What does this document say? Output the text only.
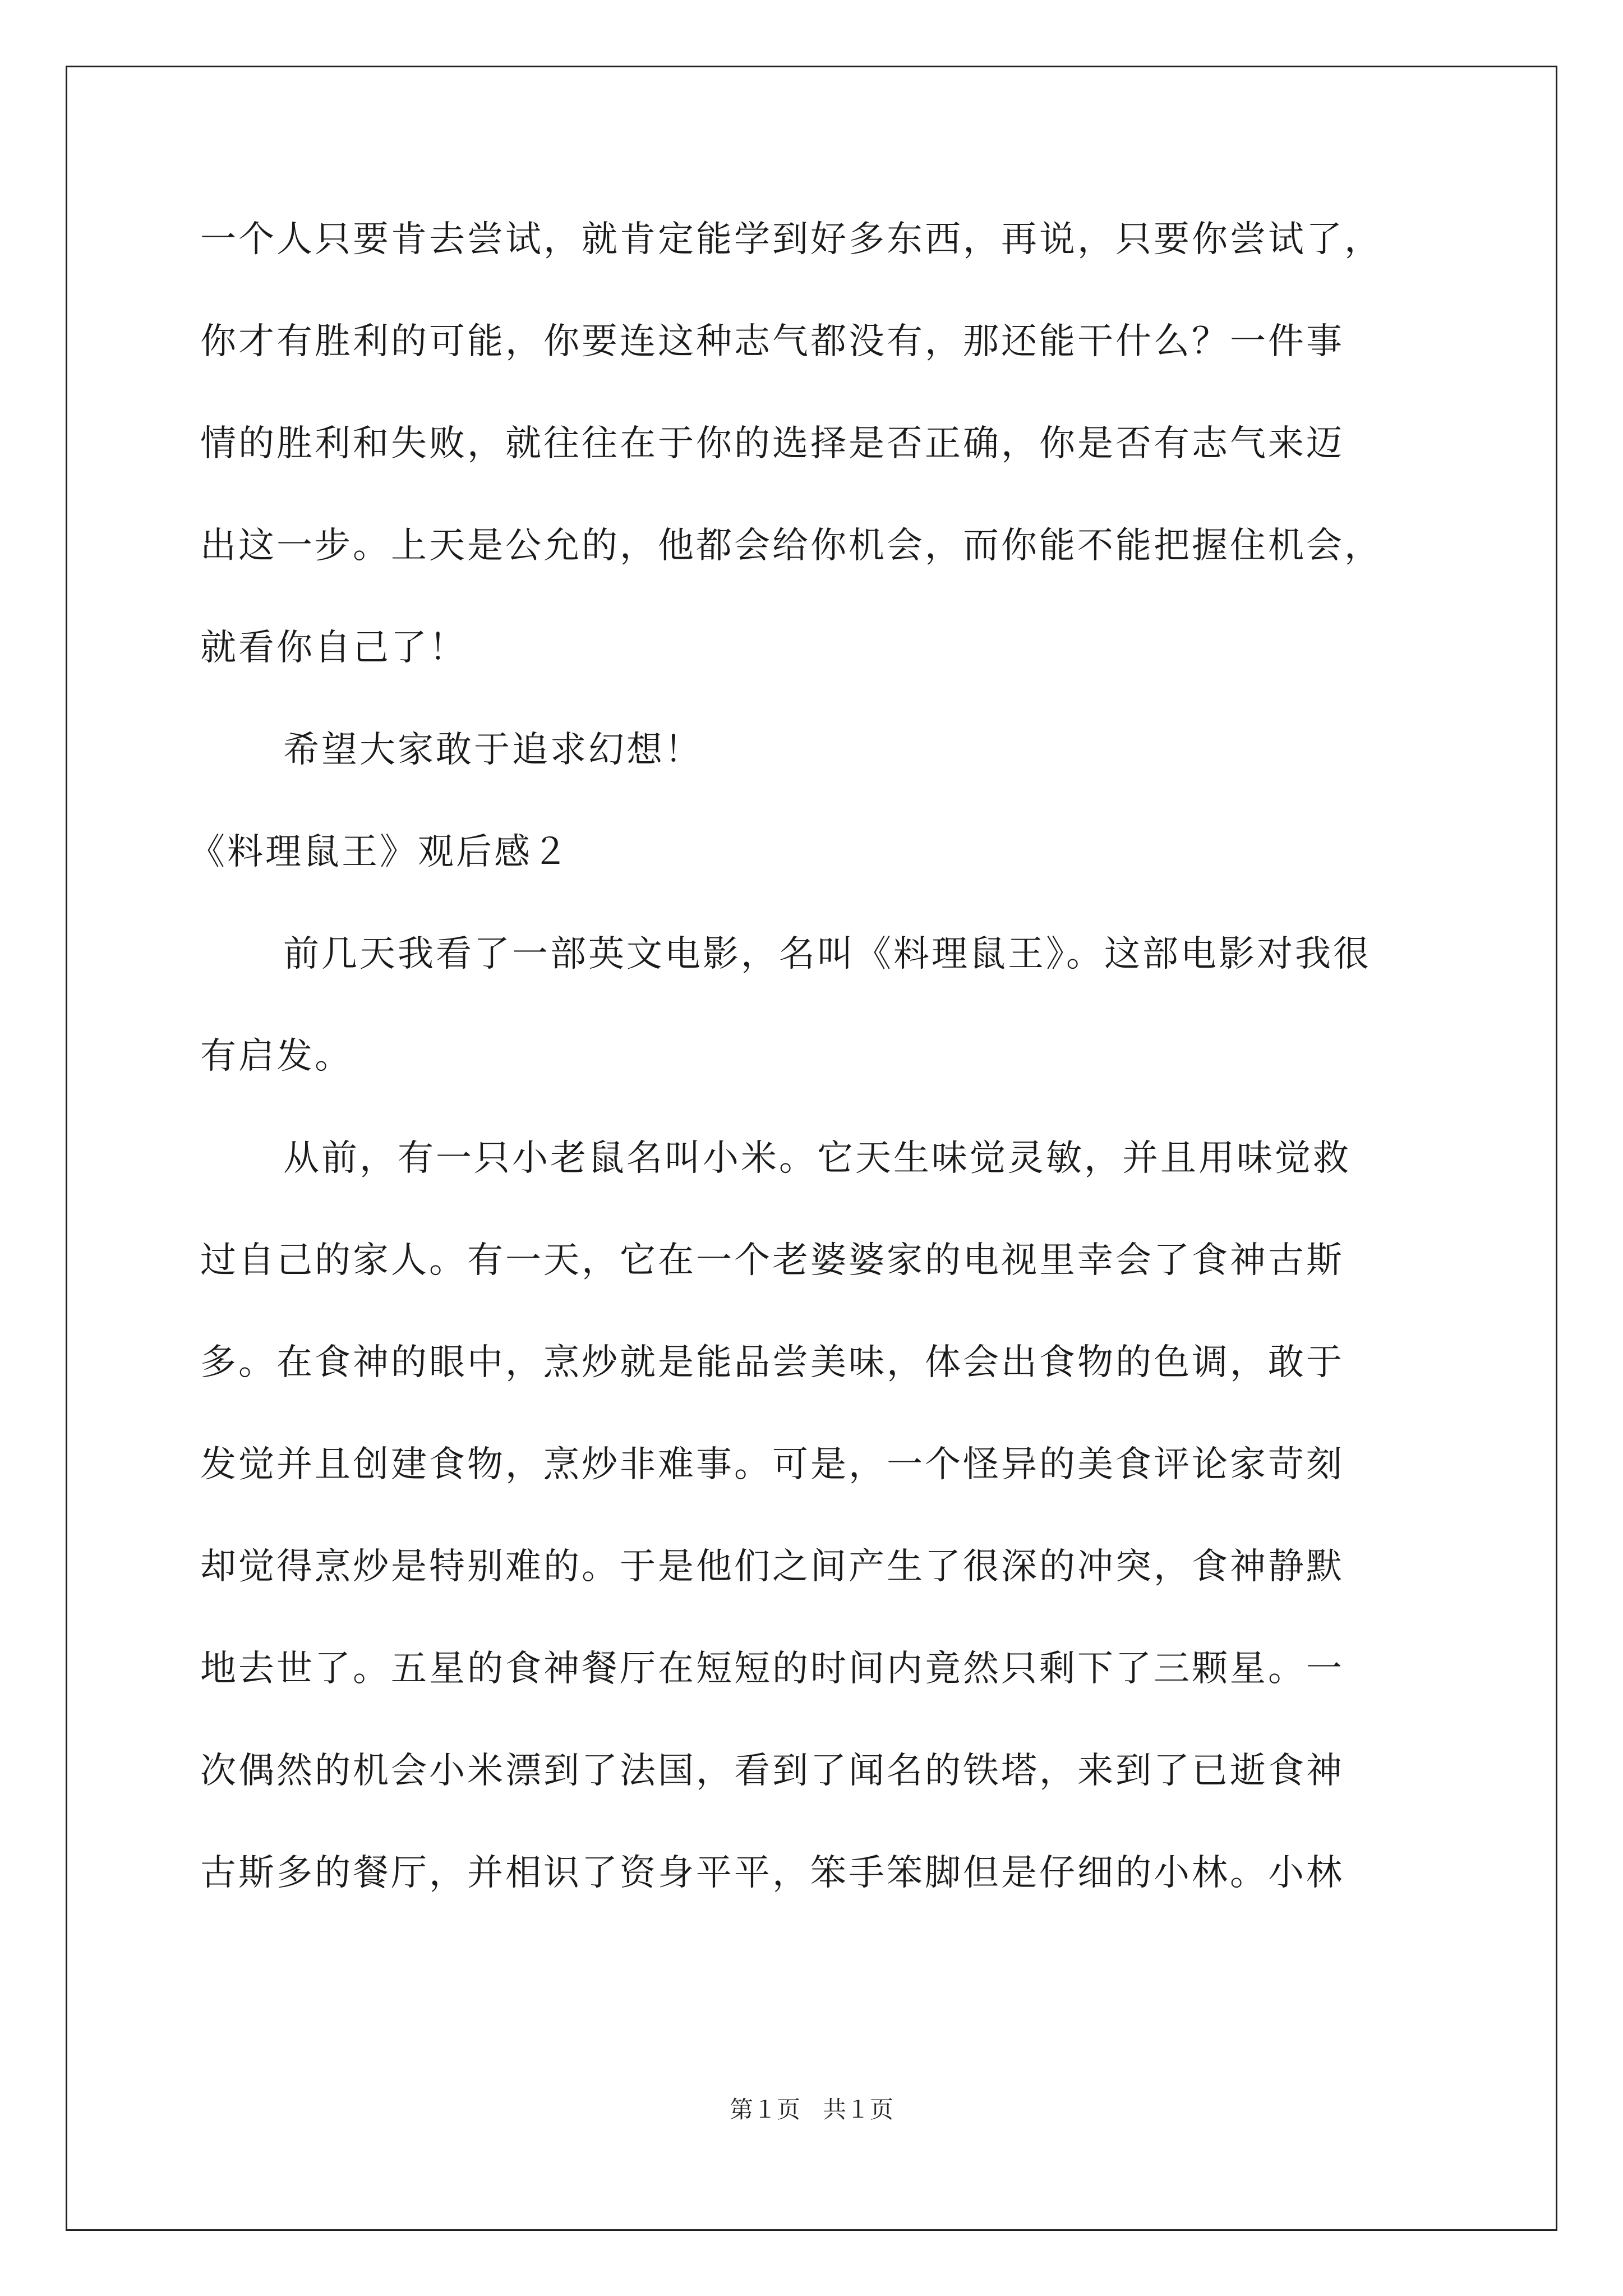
一个人只要肯去尝试，就肯定能学到好多东西，再说，只要你尝试了，

你才有胜利的可能，你要连这种志气都没有，那还能干什么？一件事

情的胜利和失败，就往往在于你的选择是否正确，你是否有志气来迈

出这一步。上天是公允的，他都会给你机会，而你能不能把握住机会，

就看你自己了！

希望大家敢于追求幻想！

《料理鼠王》观后感２

前几天我看了一部英文电影，名叫《料理鼠王》。这部电影对我很

有启发。

从前，有一只小老鼠名叫小米。它天生味觉灵敏，并且用味觉救

过自己的家人。有一天，它在一个老婆婆家的电视里幸会了食神古斯

多。在食神的眼中，烹炒就是能品尝美味，体会出食物的色调，敢于

发觉并且创建食物，烹炒非难事。可是，一个怪异的美食评论家苛刻

却觉得烹炒是特别难的。于是他们之间产生了很深的冲突，食神静默

地去世了。五星的食神餐厅在短短的时间内竟然只剩下了三颗星。一

次偶然的机会小米漂到了法国，看到了闻名的铁塔，来到了已逝食神

古斯多的餐厅，并相识了资身平平，笨手笨脚但是仔细的小林。小林

第１页   共１页
